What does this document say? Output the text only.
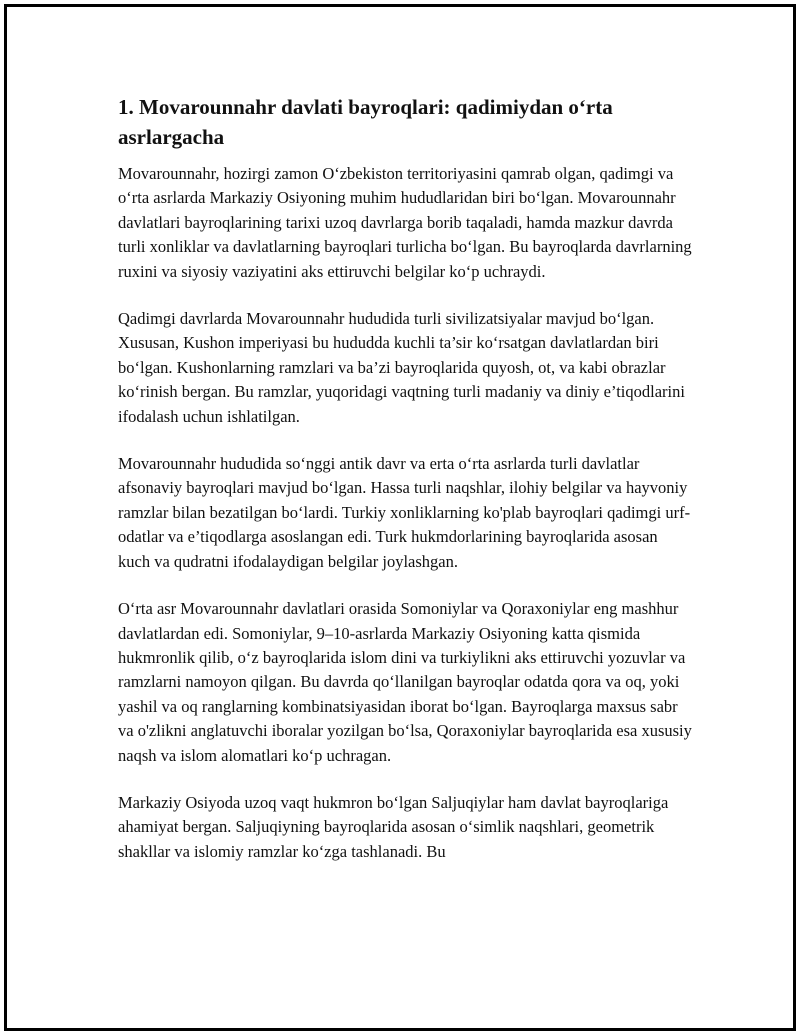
1. Movarounnahr davlati bayroqlari: qadimiydan o‘rta asrlargacha

Movarounnahr, hozirgi zamon O‘zbekiston territoriyasini qamrab olgan, qadimgi va o‘rta asrlarda Markaziy Osiyoning muhim hududlaridan biri bo‘lgan. Movarounnahr davlatlari bayroqlarining tarixi uzoq davrlarga borib taqaladi, hamda mazkur davrda turli xonliklar va davlatlarning bayroqlari turlicha bo‘lgan. Bu bayroqlarda davrlarning ruxini va siyosiy vaziyatini aks ettiruvchi belgilar ko‘p uchraydi.

Qadimgi davrlarda Movarounnahr hududida turli sivilizatsiyalar mavjud bo‘lgan. Xususan, Kushon imperiyasi bu hududda kuchli ta’sir ko‘rsatgan davlatlardan biri bo‘lgan. Kushonlarning ramzlari va ba’zi bayroqlarida quyosh, ot, va kabi obrazlar ko‘rinish bergan. Bu ramzlar, yuqoridagi vaqtning turli madaniy va diniy e’tiqodlarini ifodalash uchun ishlatilgan.

Movarounnahr hududida so‘nggi antik davr va erta o‘rta asrlarda turli davlatlar afsonaviy bayroqlari mavjud bo‘lgan. Hassa turli naqshlar, ilohiy belgilar va hayvoniy ramzlar bilan bezatilgan bo‘lardi. Turkiy xonliklarning ko'plab bayroqlari qadimgi urf-odatlar va e’tiqodlarga asoslangan edi. Turk hukmdorlarining bayroqlarida asosan kuch va qudratni ifodalaydigan belgilar joylashgan.

O‘rta asr Movarounnahr davlatlari orasida Somoniylar va Qoraxoniylar eng mashhur davlatlardan edi. Somoniylar, 9–10-asrlarda Markaziy Osiyoning katta qismida hukmronlik qilib, o‘z bayroqlarida islom dini va turkiylikni aks ettiruvchi yozuvlar va ramzlarni namoyon qilgan. Bu davrda qo‘llanilgan bayroqlar odatda qora va oq, yoki yashil va oq ranglarning kombinatsiyasidan iborat bo‘lgan. Bayroqlarga maxsus sabr va o'zlikni anglatuvchi iboralar yozilgan bo‘lsa, Qoraxoniylar bayroqlarida esa xususiy naqsh va islom alomatlari ko‘p uchragan.

Markaziy Osiyoda uzoq vaqt hukmron bo‘lgan Saljuqiylar ham davlat bayroqlariga ahamiyat bergan. Saljuqiyning bayroqlarida asosan o‘simlik naqshlari, geometrik shakllar va islomiy ramzlar ko‘zga tashlanadi. Bu
